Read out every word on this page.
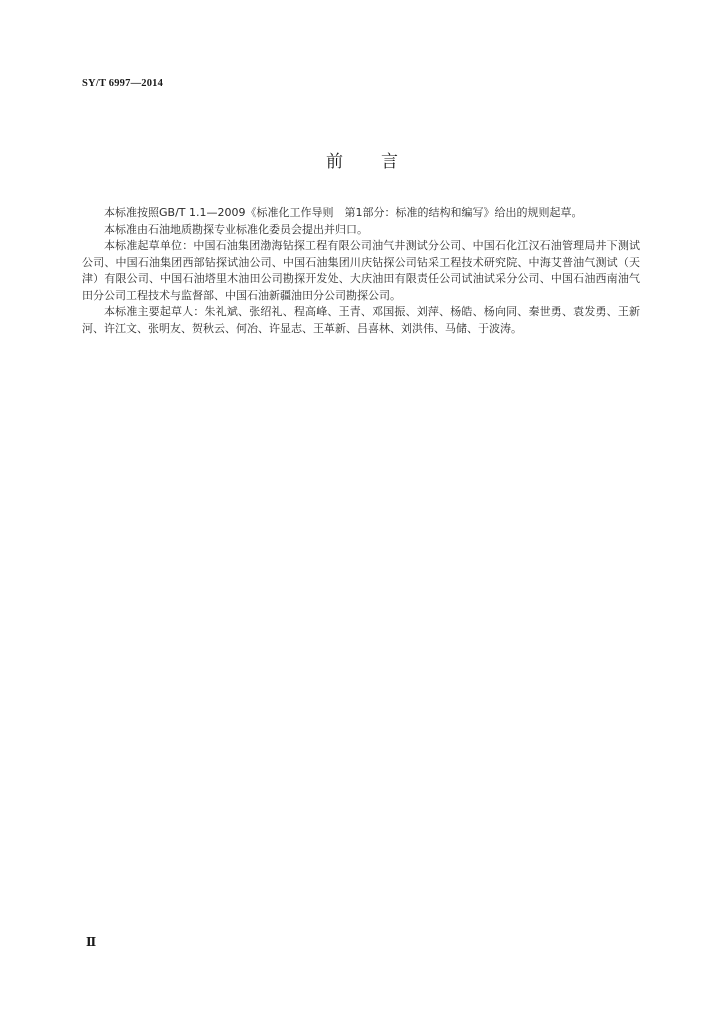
SY/T 6997—2014
前言

本标准按照GB/T 1.1—2009《标准化工作导则　第1部分：标准的结构和编写》给出的规则起草。

本标准由石油地质勘探专业标准化委员会提出并归口。

本标准起草单位：中国石油集团渤海钻探工程有限公司油气井测试分公司、中国石化江汉石油管理局井下测试公司、中国石油集团西部钻探试油公司、中国石油集团川庆钻探公司钻采工程技术研究院、中海艾普油气测试（天津）有限公司、中国石油塔里木油田公司勘探开发处、大庆油田有限责任公司试油试采分公司、中国石油西南油气田分公司工程技术与监督部、中国石油新疆油田分公司勘探公司。

本标准主要起草人：朱礼斌、张绍礼、程高峰、王青、邓国振、刘萍、杨皓、杨向同、秦世勇、袁发勇、王新河、许江文、张明友、贺秋云、何冶、许显志、王革新、吕喜林、刘洪伟、马储、于波涛。

Ⅱ
